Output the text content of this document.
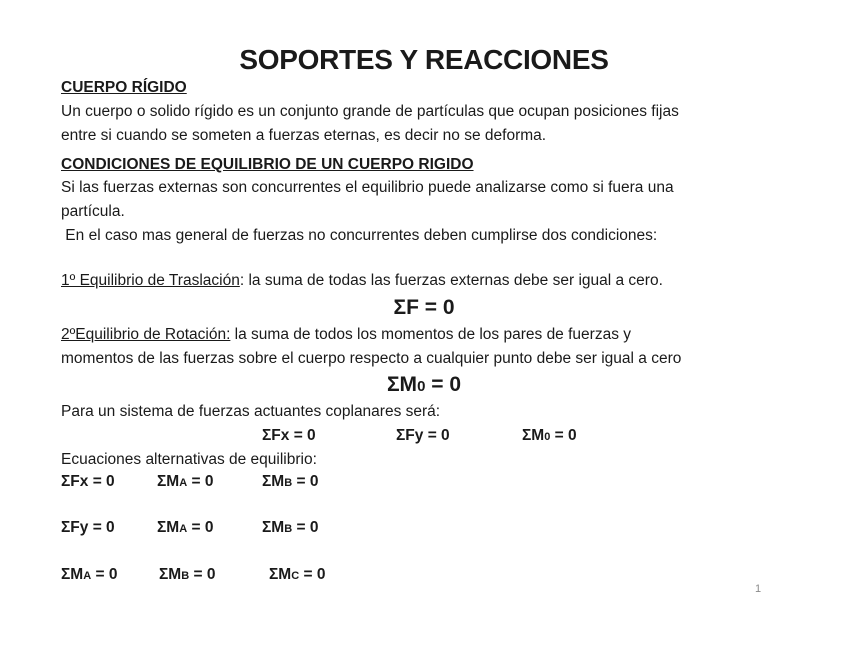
SOPORTES Y REACCIONES
CUERPO RÍGIDO
Un cuerpo o solido rígido es un conjunto grande de partículas que ocupan posiciones fijas
entre si cuando se someten a fuerzas eternas, es decir no se deforma.
CONDICIONES DE EQUILIBRIO DE UN CUERPO RIGIDO
Si las fuerzas externas son concurrentes el equilibrio puede analizarse como si fuera una
partícula.
En el caso mas general de fuerzas no concurrentes deben cumplirse dos condiciones:
1º Equilibrio de Traslación: la suma de todas las fuerzas externas debe ser igual a cero.
ΣF = 0
2ºEquilibrio de Rotación: la suma de todos los momentos de los pares de fuerzas y
momentos de las fuerzas sobre el cuerpo respecto a cualquier punto debe ser igual a cero
ΣM0 = 0
Para un sistema de fuerzas actuantes coplanares será:
ΣFx = 0	ΣFy = 0	ΣM0 = 0
Ecuaciones alternativas de equilibrio:
ΣFx = 0	ΣMA = 0	ΣMB = 0
ΣFy = 0	ΣMA = 0	ΣMB = 0
ΣMA = 0	ΣMB = 0	ΣMC = 0
1
